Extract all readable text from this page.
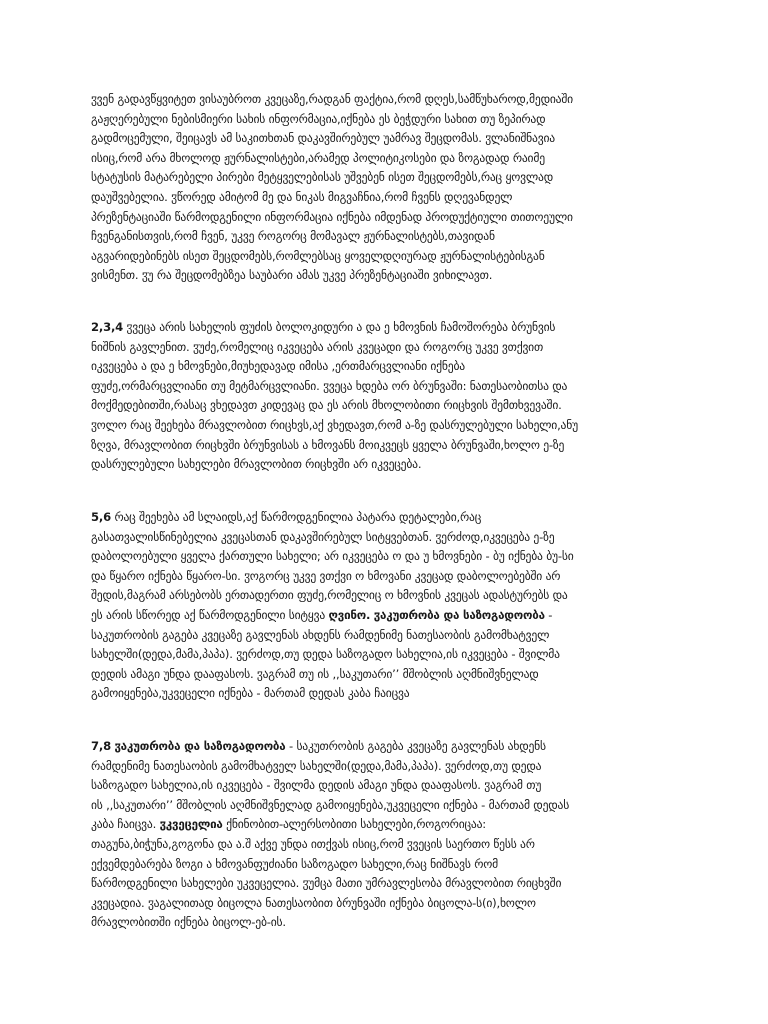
ჳვენ გადავწყვიტეთ ვისაუბროთ კვეცაზე,რადგან ფაქტია,რომ დღეს,სამწუხაროდ,მედიაში
გაჟღერებული ნებისმიერი სახის ინფორმაცია,იქნება ეს ბეჭდური სახით თუ ზეპირად
გადმოცემული, შეიცავს ამ საკითხთან დაკავშირებულ უამრავ შეცდომას. ჳლანიშნავია
ისიც,რომ არა მხოლოდ ჟურნალისტები,არამედ პოლიტიკოსები და ზოგადად რაიმე
სტატუსის მატარებელი პირები მეტყველებისას უშვებენ ისეთ შეცდომებს,რაც ყოვლად
დაუშვებელია. ჳწორედ ამიტომ მე და ნიკას მიგვაჩნია,რომ ჩვენს დღევანდელ
პრეზენტაციაში წარმოდგენილი ინფორმაცია იქნება იმდენად პროდუქტიული თითოეული
ჩვენგანისთვის,რომ ჩვენ, უკვე როგორც მომავალ ჟურნალისტებს,თავიდან
აგვარიდებინებს ისეთ შეცდომებს,რომლებსაც ყოველდღიურად ჟურნალისტებისგან
ვისმენთ. ჳუ რა შეცდომებზეა საუბარი ამას უკვე პრეზენტაციაში ვიხილავთ.

2,3,4 ჳვეცა არის სახელის ფუძის ბოლოკიდური ა და ე ხმოვნის ჩამოშორება ბრუნვის
ნიშნის გავლენით. ჳუძე,რომელიც იკვეცება არის კვეცადი და როგორც უკვე ვთქვით
იკვეცება ა და ე ხმოვნები,მიუხედავად იმისა ,ერთმარცვლიანი იქნება
ფუძე,ორმარცვლიანი თუ მეტმარცვლიანი. ჳვეცა ხდება ორ ბრუნვაში: ნათესაობითსა და
მოქმედებითში,რასაც ვხედავთ კიდევაც და ეს არის მხოლობითი რიცხვის შემთხვევაში.
ჳოლო რაც შეეხება მრავლობით რიცხვს,აქ ვხედავთ,რომ ა-ზე დასრულებული სახელი,ანუ
ზღვა, მრავლობით რიცხვში ბრუნვისას ა ხმოვანს მოიკვეცს ყველა ბრუნვაში,ხოლო ე-ზე
დასრულებული სახელები მრავლობით რიცხვში არ იკვეცება.

5,6 რაც შეეხება ამ სლაიდს,აქ წარმოდგენილია პატარა დეტალები,რაც
გასათვალისწინებელია კვეცასთან დაკავშირებულ სიტყვებთან. ჳერძოდ,იკვეცება ე-ზე
დაბოლოებული ყველა ქართული სახელი; არ იკვეცება ო და უ ხმოვნები - ბუ იქნება ბუ-სი
და წყარო იქნება წყარო-სი. ჳოგორც უკვე ვთქვი ო ხმოვანი კვეცად დაბოლოებებში არ
შედის,მაგრამ არსებობს ერთადერთი ფუძე,რომელიც ო ხმოვნის კვეცას ადასტურებს და
ეს არის სწორედ აქ წარმოდგენილი სიტყვა ღვინო. ჳაკუთრობა და საზოგადოობა -
საკუთრობის გაგება კვეცაზე გავლენას ახდენს რამდენიმე ნათესაობის გამომხატველ
სახელში(დედა,მამა,პაპა). ჳერძოდ,თუ დედა საზოგადო სახელია,ის იკვეცება - შვილმა
დედის ამაგი უნდა დააფასოს. ჳაგრამ თუ ის ,,საკუთარი’’ მშობლის აღმნიშვნელად
გამოიყენება,უკვეცელი იქნება - მართამ დედას კაბა ჩაიცვა

7,8 ჳაკუთრობა და საზოგადოობა - საკუთრობის გაგება კვეცაზე გავლენას ახდენს
რამდენიმე ნათესაობის გამომხატველ სახელში(დედა,მამა,პაპა). ჳერძოდ,თუ დედა
საზოგადო სახელია,ის იკვეცება - შვილმა დედის ამაგი უნდა დააფასოს. ჳაგრამ თუ
ის ,,საკუთარი’’ მშობლის აღმნიშვნელად გამოიყენება,უკვეცელი იქნება - მართამ დედას
კაბა ჩაიცვა. ჳკვეცელია ქნინობით-ალერსობითი სახელები,როგორიცაა:
თაგუნა,ბიჭუნა,გოგონა და ა.შ აქვე უნდა ითქვას ისიც,რომ ჳვეცის საერთო წესს არ
ექვემდებარება ზოგი ა ხმოვანფუძიანი საზოგადო სახელი,რაც ნიშნავს რომ
წარმოდგენილი სახელები უკვეცელია. ჳუმცა მათი უმრავლესობა მრავლობით რიცხვში
კვეცადია. ჳაგალითად ბიცოლა ნათესაობით ბრუნვაში იქნება ბიცოლა-ს(ი),ხოლო
მრავლობითში იქნება ბიცოლ-ებ-ის.
